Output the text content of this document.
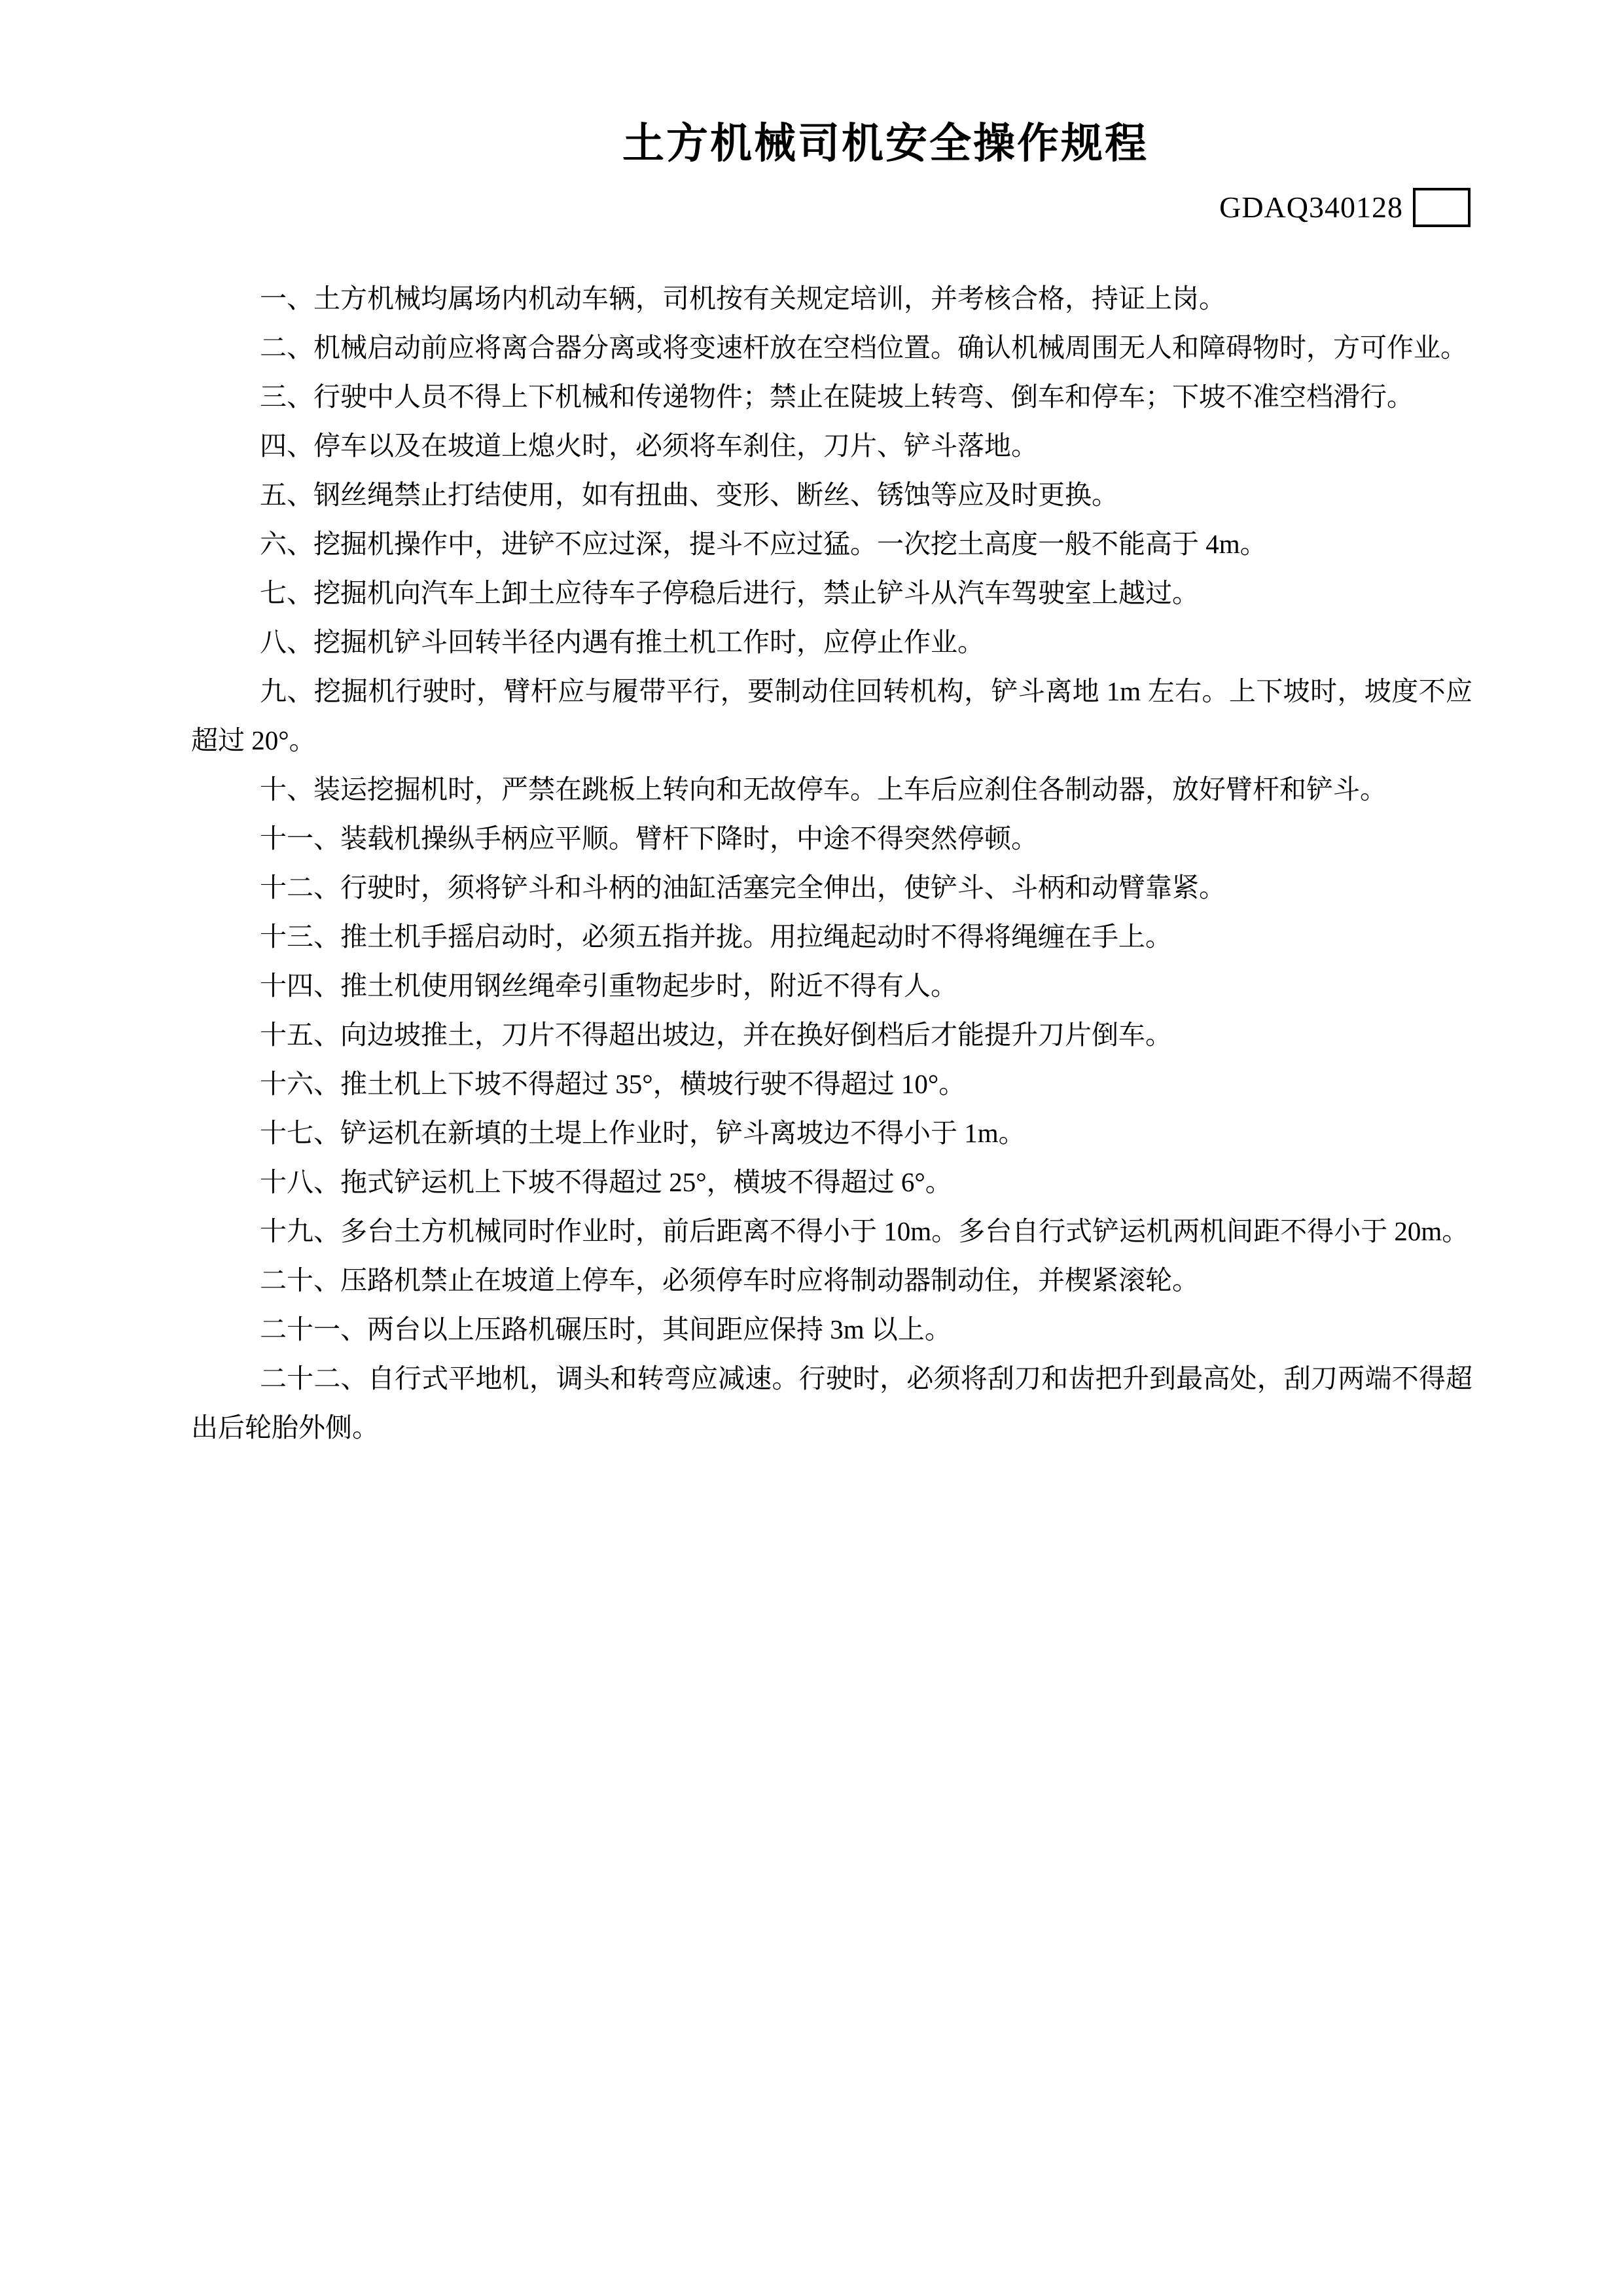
土方机械司机安全操作规程
GDAQ340128

一、土方机械均属场内机动车辆，司机按有关规定培训，并考核合格，持证上岗。

二、机械启动前应将离合器分离或将变速杆放在空档位置。确认机械周围无人和障碍物时，方可作业。

三、行驶中人员不得上下机械和传递物件；禁止在陡坡上转弯、倒车和停车；下坡不准空档滑行。

四、停车以及在坡道上熄火时，必须将车刹住，刀片、铲斗落地。

五、钢丝绳禁止打结使用，如有扭曲、变形、断丝、锈蚀等应及时更换。

六、挖掘机操作中，进铲不应过深，提斗不应过猛。一次挖土高度一般不能高于 4m。

七、挖掘机向汽车上卸土应待车子停稳后进行，禁止铲斗从汽车驾驶室上越过。

八、挖掘机铲斗回转半径内遇有推土机工作时，应停止作业。

九、挖掘机行驶时，臂杆应与履带平行，要制动住回转机构，铲斗离地 1m 左右。上下坡时，坡度不应超过 20°。

十、装运挖掘机时，严禁在跳板上转向和无故停车。上车后应刹住各制动器，放好臂杆和铲斗。

十一、装载机操纵手柄应平顺。臂杆下降时，中途不得突然停顿。

十二、行驶时，须将铲斗和斗柄的油缸活塞完全伸出，使铲斗、斗柄和动臂靠紧。

十三、推土机手摇启动时，必须五指并拢。用拉绳起动时不得将绳缠在手上。

十四、推土机使用钢丝绳牵引重物起步时，附近不得有人。

十五、向边坡推土，刀片不得超出坡边，并在换好倒档后才能提升刀片倒车。

十六、推土机上下坡不得超过 35°，横坡行驶不得超过 10°。

十七、铲运机在新填的土堤上作业时，铲斗离坡边不得小于 1m。

十八、拖式铲运机上下坡不得超过 25°，横坡不得超过 6°。

十九、多台土方机械同时作业时，前后距离不得小于 10m。多台自行式铲运机两机间距不得小于 20m。

二十、压路机禁止在坡道上停车，必须停车时应将制动器制动住，并楔紧滚轮。

二十一、两台以上压路机碾压时，其间距应保持 3m 以上。

二十二、自行式平地机，调头和转弯应减速。行驶时，必须将刮刀和齿把升到最高处，刮刀两端不得超出后轮胎外侧。
